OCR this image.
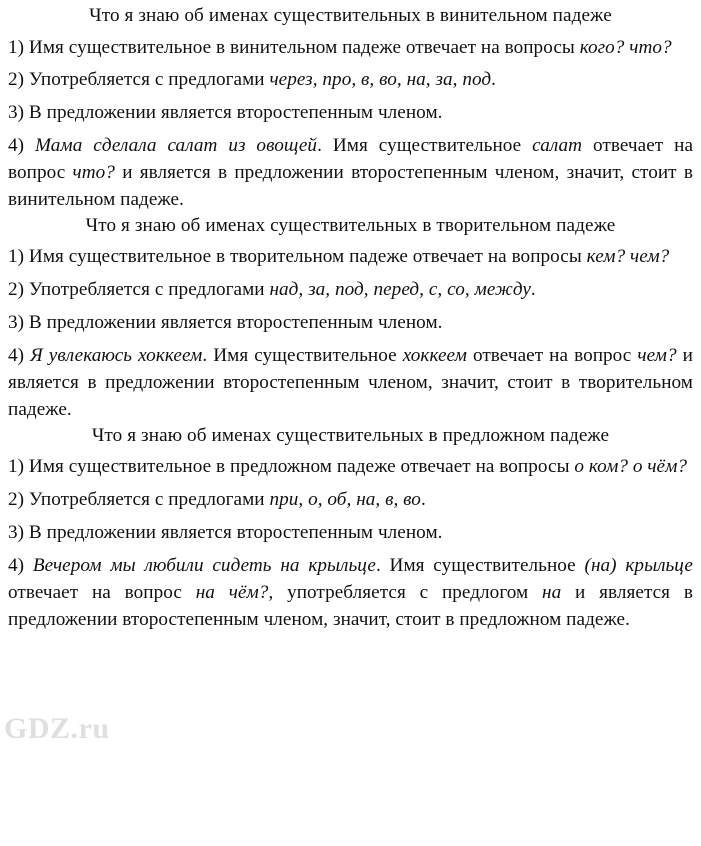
Что я знаю об именах существительных в винительном падеже

1) Имя существительное в винительном падеже отвечает на вопросы кого? что?

2) Употребляется с предлогами через, про, в, во, на, за, под.

3) В предложении является второстепенным членом.

4) Мама сделала салат из овощей. Имя существительное салат отвечает на вопрос что? и является в предложении второстепенным членом, значит, стоит в винительном падеже.

Что я знаю об именах существительных в творительном падеже

1) Имя существительное в творительном падеже отвечает на вопросы кем? чем?

2) Употребляется с предлогами над, за, под, перед, с, со, между.

3) В предложении является второстепенным членом.

4) Я увлекаюсь хоккеем. Имя существительное хоккеем отвечает на вопрос чем? и является в предложении второстепенным членом, значит, стоит в творительном падеже.

Что я знаю об именах существительных в предложном падеже

1) Имя существительное в предложном падеже отвечает на вопросы о ком? о чём?

2) Употребляется с предлогами при, о, об, на, в, во.

3) В предложении является второстепенным членом.

4) Вечером мы любили сидеть на крыльце. Имя существительное (на) крыльце отвечает на вопрос на чём?, употребляется с предлогом на и является в предложении второстепенным членом, значит, стоит в предложном падеже.

GDZ.ru
